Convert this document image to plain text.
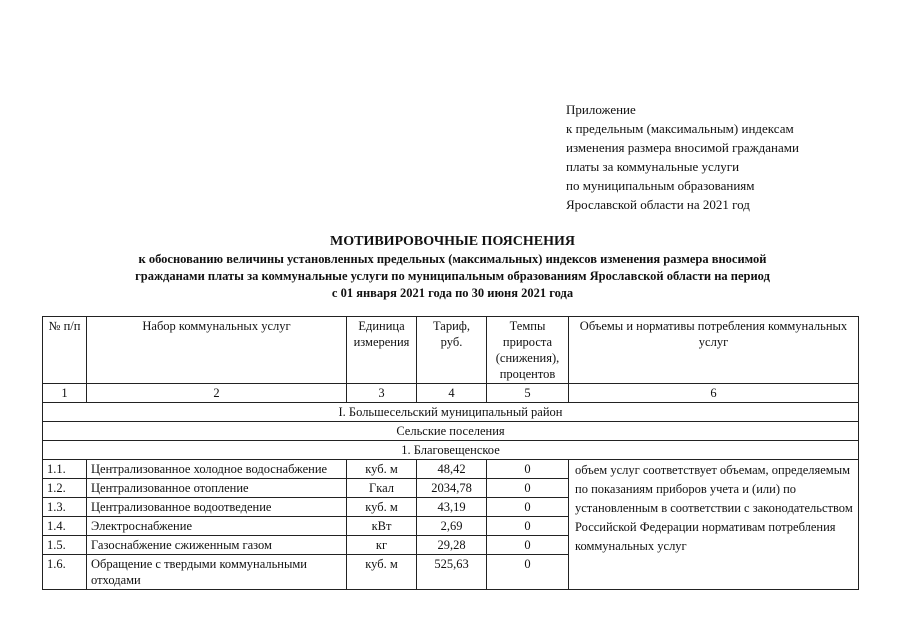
Приложение
к предельным (максимальным) индексам
изменения размера вносимой гражданами
платы за коммунальные услуги
по муниципальным образованиям
Ярославской области на 2021 год
МОТИВИРОВОЧНЫЕ ПОЯСНЕНИЯ
к обоснованию величины установленных предельных (максимальных) индексов изменения размера вносимой
гражданами платы за коммунальные услуги по муниципальным образованиям Ярославской области на период
с 01 января 2021 года по 30 июня 2021 года
№ п/п	Набор коммунальных услуг	Единица измерения	Тариф, руб.	Темпы прироста (снижения), процентов	Объемы и нормативы потребления коммунальных услуг
1	2	3	4	5	6
I. Большесельский муниципальный район					
Сельские поселения					
1. Благовещенское					
1.1.	Централизованное холодное водоснабжение	куб. м	48,42	0	объем услуг соответствует объемам, определяемым по показаниям приборов учета и (или) по установленным в соответствии с законодательством Российской Федерации нормативам потребления коммунальных услуг
1.2.	Централизованное отопление	Гкал	2034,78	0	
1.3.	Централизованное водоотведение	куб. м	43,19	0	
1.4.	Электроснабжение	кВт	2,69	0	
1.5.	Газоснабжение сжиженным газом	кг	29,28	0	
1.6.	Обращение с твердыми коммунальными отходами	куб. м	525,63	0	
